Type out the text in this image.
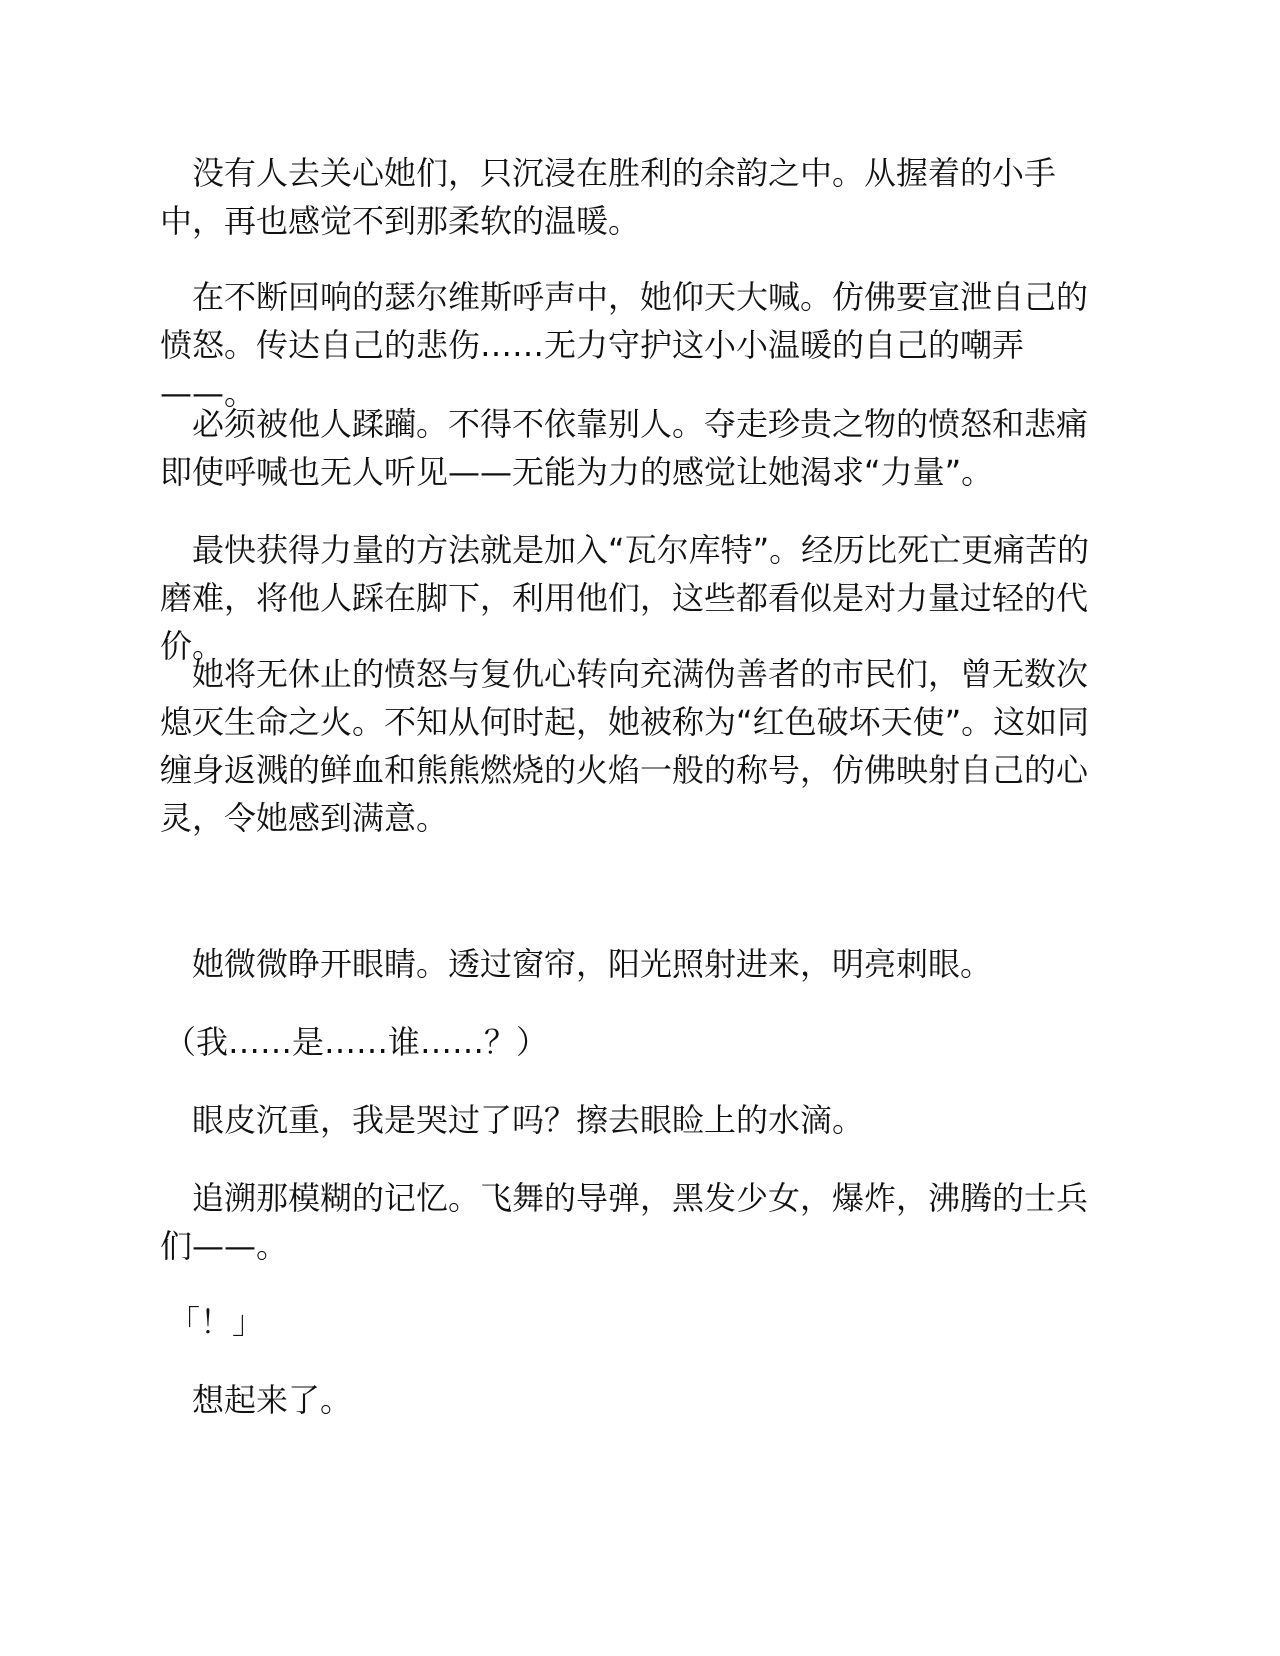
没有人去关心她们，只沉浸在胜利的余韵之中。从握着的小手中，再也感觉不到那柔软的温暖。

在不断回响的瑟尔维斯呼声中，她仰天大喊。仿佛要宣泄自己的愤怒。传达自己的悲伤……无力守护这小小温暖的自己的嘲弄——。

必须被他人蹂躏。不得不依靠别人。夺走珍贵之物的愤怒和悲痛即使呼喊也无人听见——无能为力的感觉让她渴求“力量”。

最快获得力量的方法就是加入“瓦尔库特”。经历比死亡更痛苦的磨难，将他人踩在脚下，利用他们，这些都看似是对力量过轻的代价。

她将无休止的愤怒与复仇心转向充满伪善者的市民们，曾无数次熄灭生命之火。不知从何时起，她被称为“红色破坏天使”。这如同缠身返溅的鲜血和熊熊燃烧的火焰一般的称号，仿佛映射自己的心灵，令她感到满意。

她微微睁开眼睛。透过窗帘，阳光照射进来，明亮刺眼。

（我……是……谁……？）

眼皮沉重，我是哭过了吗？擦去眼睑上的水滴。

追溯那模糊的记忆。飞舞的导弹，黑发少女，爆炸，沸腾的士兵们——。

「！」

想起来了。
